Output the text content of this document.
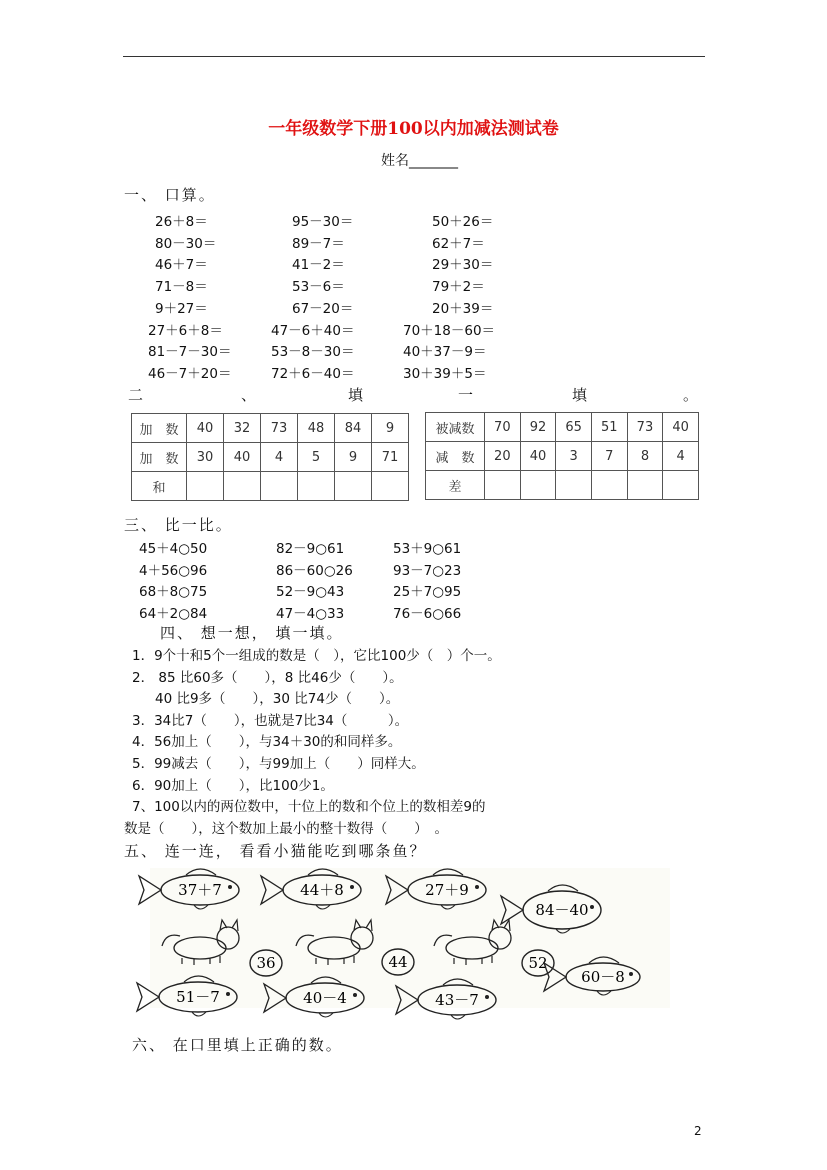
一年级数学下册100以内加减法测试卷
姓名_______
一、 口算。
26＋8＝	95－30＝	50＋26＝
80－30＝	89－7＝	62＋7＝
46＋7＝	41－2＝	29＋30＝
71－8＝	53－6＝	79＋2＝
9＋27＝	67－20＝	20＋39＝
27＋6＋8＝	47－6＋40＝	70＋18－60＝
81－7－30＝	53－8－30＝	40＋37－9＝
46－7＋20＝	72＋6－40＝	30＋39＋5＝
二	、	填	一	填	。
加　数	40	32	73	48	84	9
加　数	30	40	4	5	9	71
和						
被减数	70	92	65	51	73	40
减　数	20	40	3	7	8	4
差						
三、 比一比。
45＋4○50	82－9○61	53＋9○61
4＋56○96	86－60○26	93－7○23
68＋8○75	52－9○43	25＋7○95
64＋2○84	47－4○33	76－6○66
四、 想一想， 填一填。
1．9个十和5个一组成的数是（　），它比100少（　）个一。
2． 85 比60多（　　），8 比46少（　　）。
40 比9多（　　），30 比74少（　　）。
3．34比7（　　），也就是7比34（　　　）。
4．56加上（　　），与34＋30的和同样多。
5．99减去（　　），与99加上（　　）同样大。
6．90加上（　　），比100少1。
7、100以内的两位数中，十位上的数和个位上的数相差9的
数是（　　），这个数加上最小的整十数得（　　）　。
五、 连一连， 看看小猫能吃到哪条鱼？
37＋7	44＋8	27＋9
84－40
36	44	52
60－8
51－7	40－4	43－7
六、 在口里填上正确的数。
2
